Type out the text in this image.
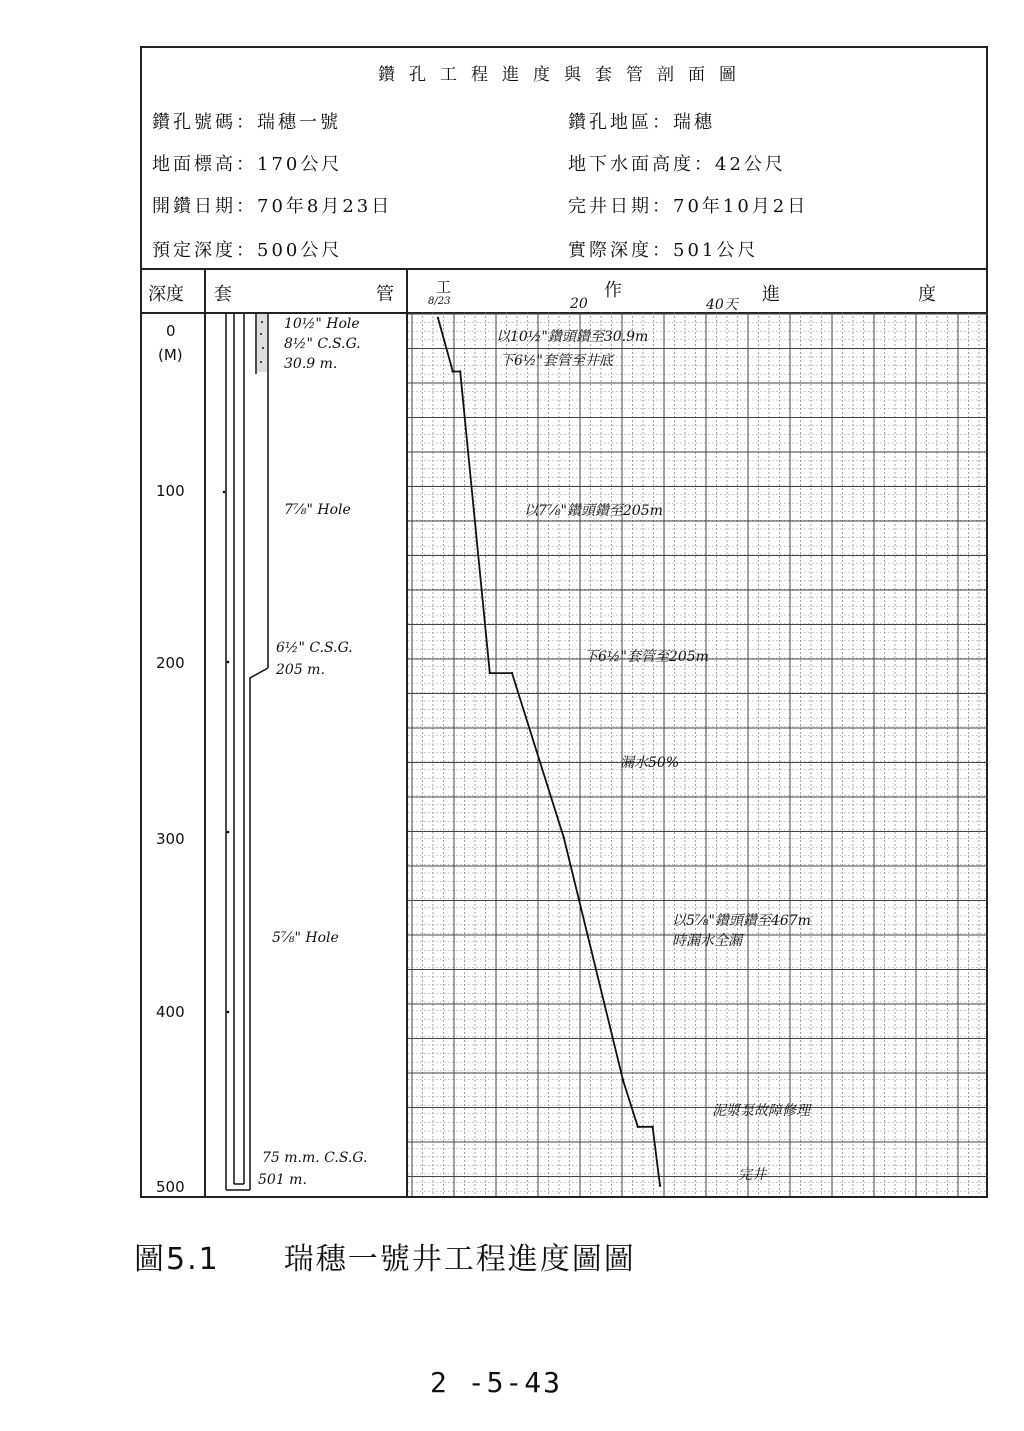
鑽孔工程進度與套管剖面圖
鑽孔號碼：瑞穗一號	鑽孔地區：瑞穗
地面標高：170公尺	地下水面高度：42公尺
開鑽日期：70年8月23日	完井日期：70年10月2日
預定深度：500公尺	實際深度：501公尺
深度 套	管	工	作	進	度
8/23	20	40天
0
(M)
100
200
300
400
500
10½" Hole
8½" C.S.G.
30.9 m.
7⅞" Hole
6½" C.S.G.
205 m.
5⅞" Hole
75 m.m. C.S.G.
501 m.
以10½"鑽頭鑽至30.9m
下6½"套管至井底
以7⅞"鑽頭鑽至205m
下6½"套管至205m
漏水50%
以5⅞"鑽頭鑽至467m
時漏水全漏
泥漿泵故障修理
完井
圖5.1　　瑞穗一號井工程進度圖圖
2 -5-43
